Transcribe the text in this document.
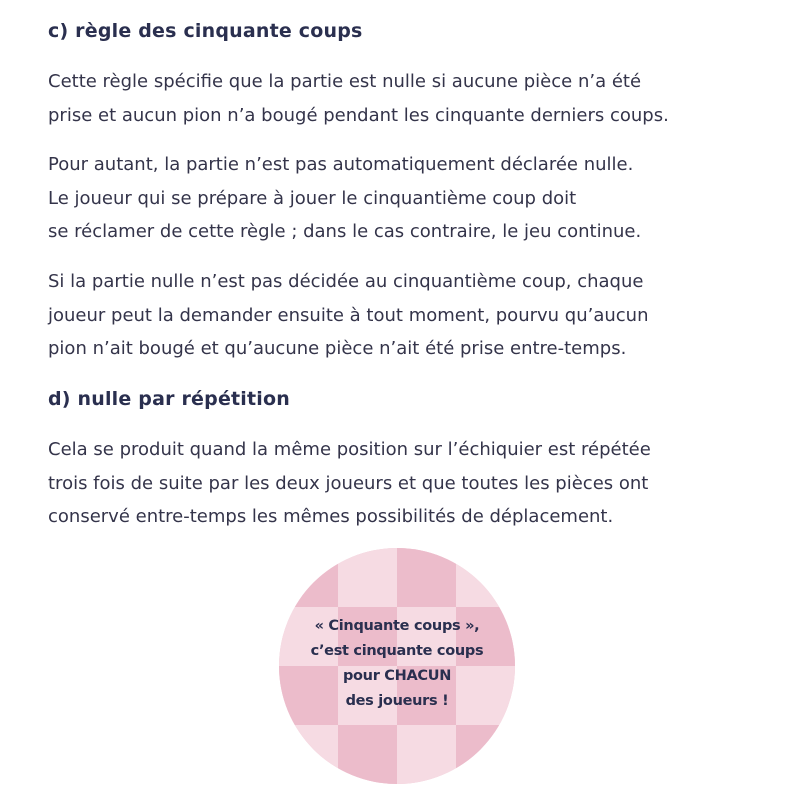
c) règle des cinquante coups

Cette règle spécifie que la partie est nulle si aucune pièce n’a été
prise et aucun pion n’a bougé pendant les cinquante derniers coups.

Pour autant, la partie n’est pas automatiquement déclarée nulle.
Le joueur qui se prépare à jouer le cinquantième coup doit
se réclamer de cette règle ; dans le cas contraire, le jeu continue.

Si la partie nulle n’est pas décidée au cinquantième coup, chaque
joueur peut la demander ensuite à tout moment, pourvu qu’aucun
pion n’ait bougé et qu’aucune pièce n’ait été prise entre-temps.

d) nulle par répétition

Cela se produit quand la même position sur l’échiquier est répétée
trois fois de suite par les deux joueurs et que toutes les pièces ont
conservé entre-temps les mêmes possibilités de déplacement.

« Cinquante coups »,
c’est cinquante coups
pour CHACUN
des joueurs !
